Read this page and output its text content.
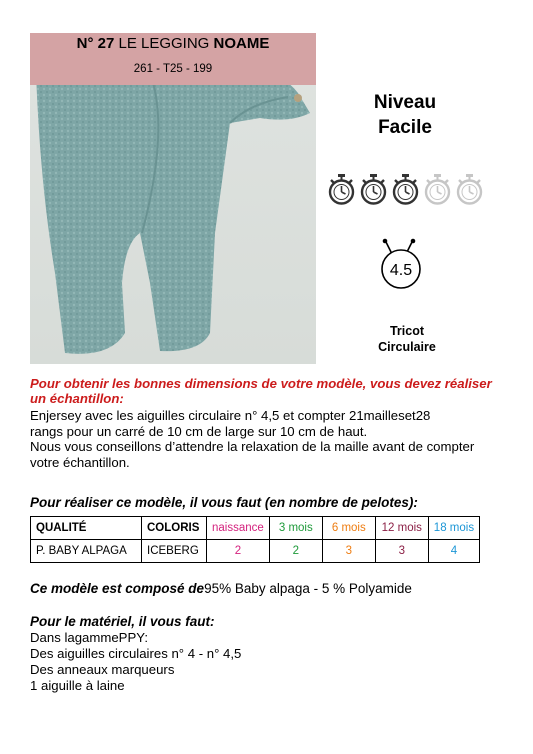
N° 27 LE LEGGING NOAME
261 - T25 - 199
Niveau
Facile
4.5
Tricot
Circulaire
Pour obtenir les bonnes dimensions de votre modèle, vous devez réaliser un échantillon:
Enjersey avec les aiguilles circulaire n° 4,5 et compter 21mailleset28
rangs pour un carré de 10 cm de large sur 10 cm de haut.
Nous vous conseillons d’attendre la relaxation de la maille avant de compter
votre échantillon.
Pour réaliser ce modèle, il vous faut (en nombre de pelotes):
QUALITÉ	COLORIS	naissance	3 mois	6 mois	12 mois	18 mois
P. BABY ALPAGA	ICEBERG	2	2	3	3	4
Ce modèle est composé de95% Baby alpaga - 5 % Polyamide
Pour le matériel, il vous faut:
Dans lagammePPY:
Des aiguilles circulaires n° 4 - n° 4,5
Des anneaux marqueurs
1 aiguille à laine
